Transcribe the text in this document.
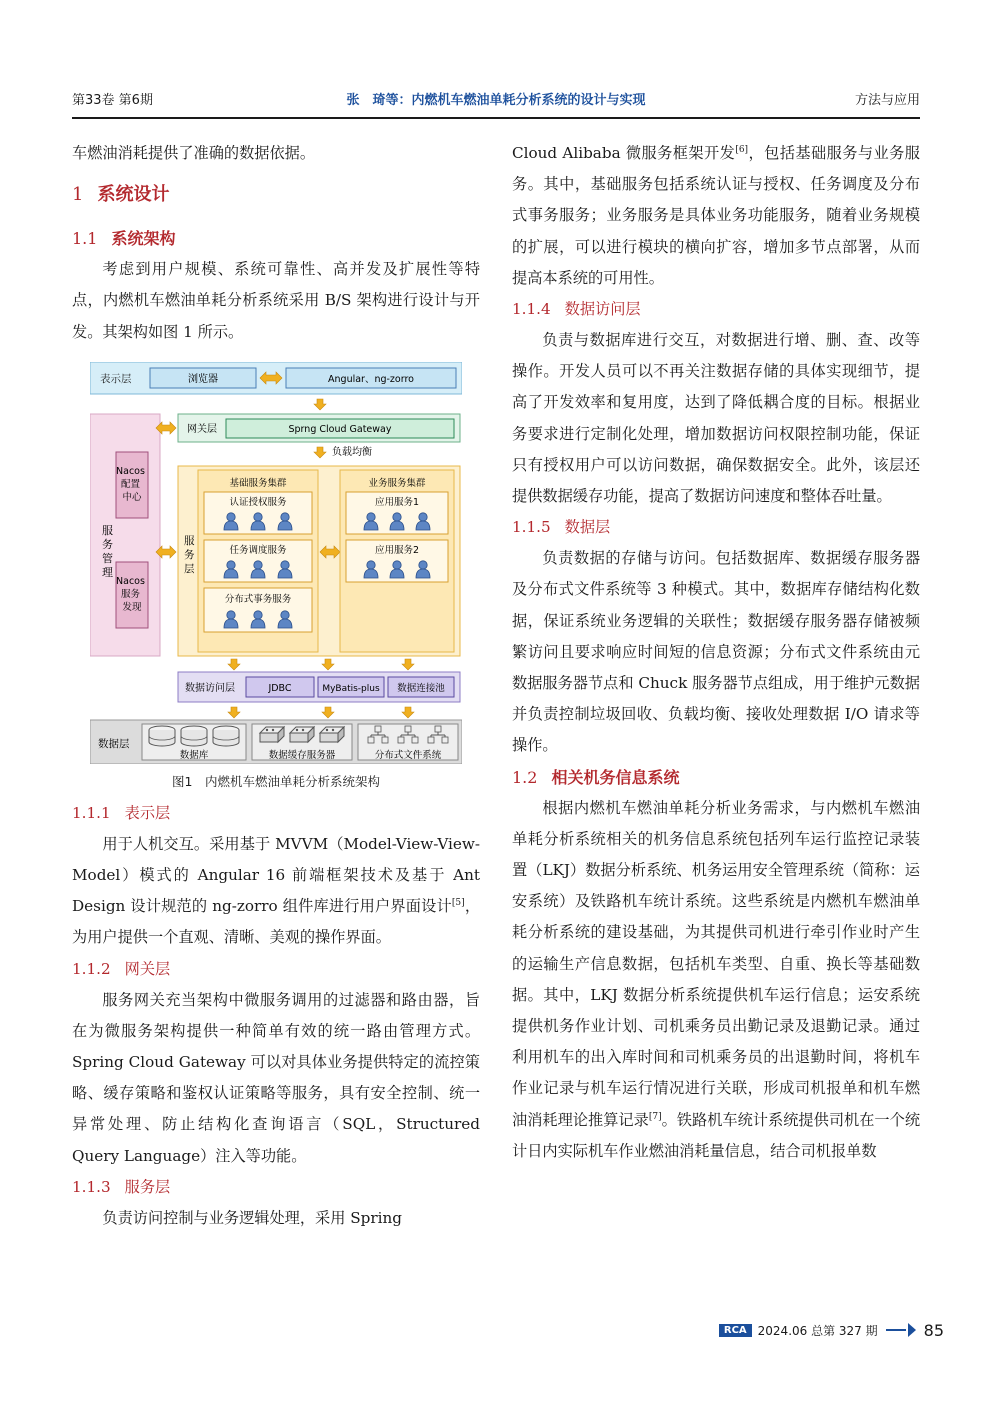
第33卷 第6期	张　琦等：内燃机车燃油单耗分析系统的设计与实现	方法与应用

车燃油消耗提供了准确的数据依据。

1 系统设计
1.1 系统架构

考虑到用户规模、系统可靠性、高并发及扩展性等特点，内燃机车燃油单耗分析系统采用 B/S 架构进行设计与开发。其架构如图 1 所示。

表示层	浏览器	Angular、ng-zorro
服 务 管 理
Nacos 配置 中心
Nacos 服务 发现
网关层	Sprng Cloud Gateway
负载均衡
服 务 层
基础服务集群
认证授权服务
任务调度服务
分布式事务服务
业务服务集群
应用服务1
应用服务2
数据访问层	JDBC	MyBatis-plus 数据连接池
数据层
数据库	数据缓存服务器	分布式文件系统
图1　内燃机车燃油单耗分析系统架构
1.1.1 表示层

用于人机交互。采用基于 MVVM（Model-View-View-Model）模式的 Angular 16 前端框架技术及基于 Ant Design 设计规范的 ng-zorro 组件库进行用户界面设计[5]，为用户提供一个直观、清晰、美观的操作界面。

1.1.2 网关层

服务网关充当架构中微服务调用的过滤器和路由器，旨在为微服务架构提供一种简单有效的统一路由管理方式。Spring Cloud Gateway 可以对具体业务提供特定的流控策略、缓存策略和鉴权认证策略等服务，具有安全控制、统一异常处理、防止结构化查询语言（SQL，Structured Query Language）注入等功能。

1.1.3 服务层

负责访问控制与业务逻辑处理，采用 Spring

Cloud Alibaba 微服务框架开发[6]，包括基础服务与业务服务。其中，基础服务包括系统认证与授权、任务调度及分布式事务服务；业务服务是具体业务功能服务，随着业务规模的扩展，可以进行模块的横向扩容，增加多节点部署，从而提高本系统的可用性。

1.1.4 数据访问层

负责与数据库进行交互，对数据进行增、删、查、改等操作。开发人员可以不再关注数据存储的具体实现细节，提高了开发效率和复用度，达到了降低耦合度的目标。根据业务要求进行定制化处理，增加数据访问权限控制功能，保证只有授权用户可以访问数据，确保数据安全。此外，该层还提供数据缓存功能，提高了数据访问速度和整体吞吐量。

1.1.5 数据层

负责数据的存储与访问。包括数据库、数据缓存服务器及分布式文件系统等 3 种模式。其中，数据库存储结构化数据，保证系统业务逻辑的关联性；数据缓存服务器存储被频繁访问且要求响应时间短的信息资源；分布式文件系统由元数据服务器节点和 Chuck 服务器节点组成，用于维护元数据并负责控制垃圾回收、负载均衡、接收处理数据 I/O 请求等操作。

1.2 相关机务信息系统

根据内燃机车燃油单耗分析业务需求，与内燃机车燃油单耗分析系统相关的机务信息系统包括列车运行监控记录装置（LKJ）数据分析系统、机务运用安全管理系统（简称：运安系统）及铁路机车统计系统。这些系统是内燃机车燃油单耗分析系统的建设基础，为其提供司机进行牵引作业时产生的运输生产信息数据，包括机车类型、自重、换长等基础数据。其中，LKJ 数据分析系统提供机车运行信息；运安系统提供机务作业计划、司机乘务员出勤记录及退勤记录。通过利用机车的出入库时间和司机乘务员的出退勤时间，将机车作业记录与机车运行情况进行关联，形成司机报单和机车燃油消耗理论推算记录[7]。铁路机车统计系统提供司机在一个统计日内实际机车作业燃油消耗量信息，结合司机报单数

RCA 2024.06 总第 327 期	85
